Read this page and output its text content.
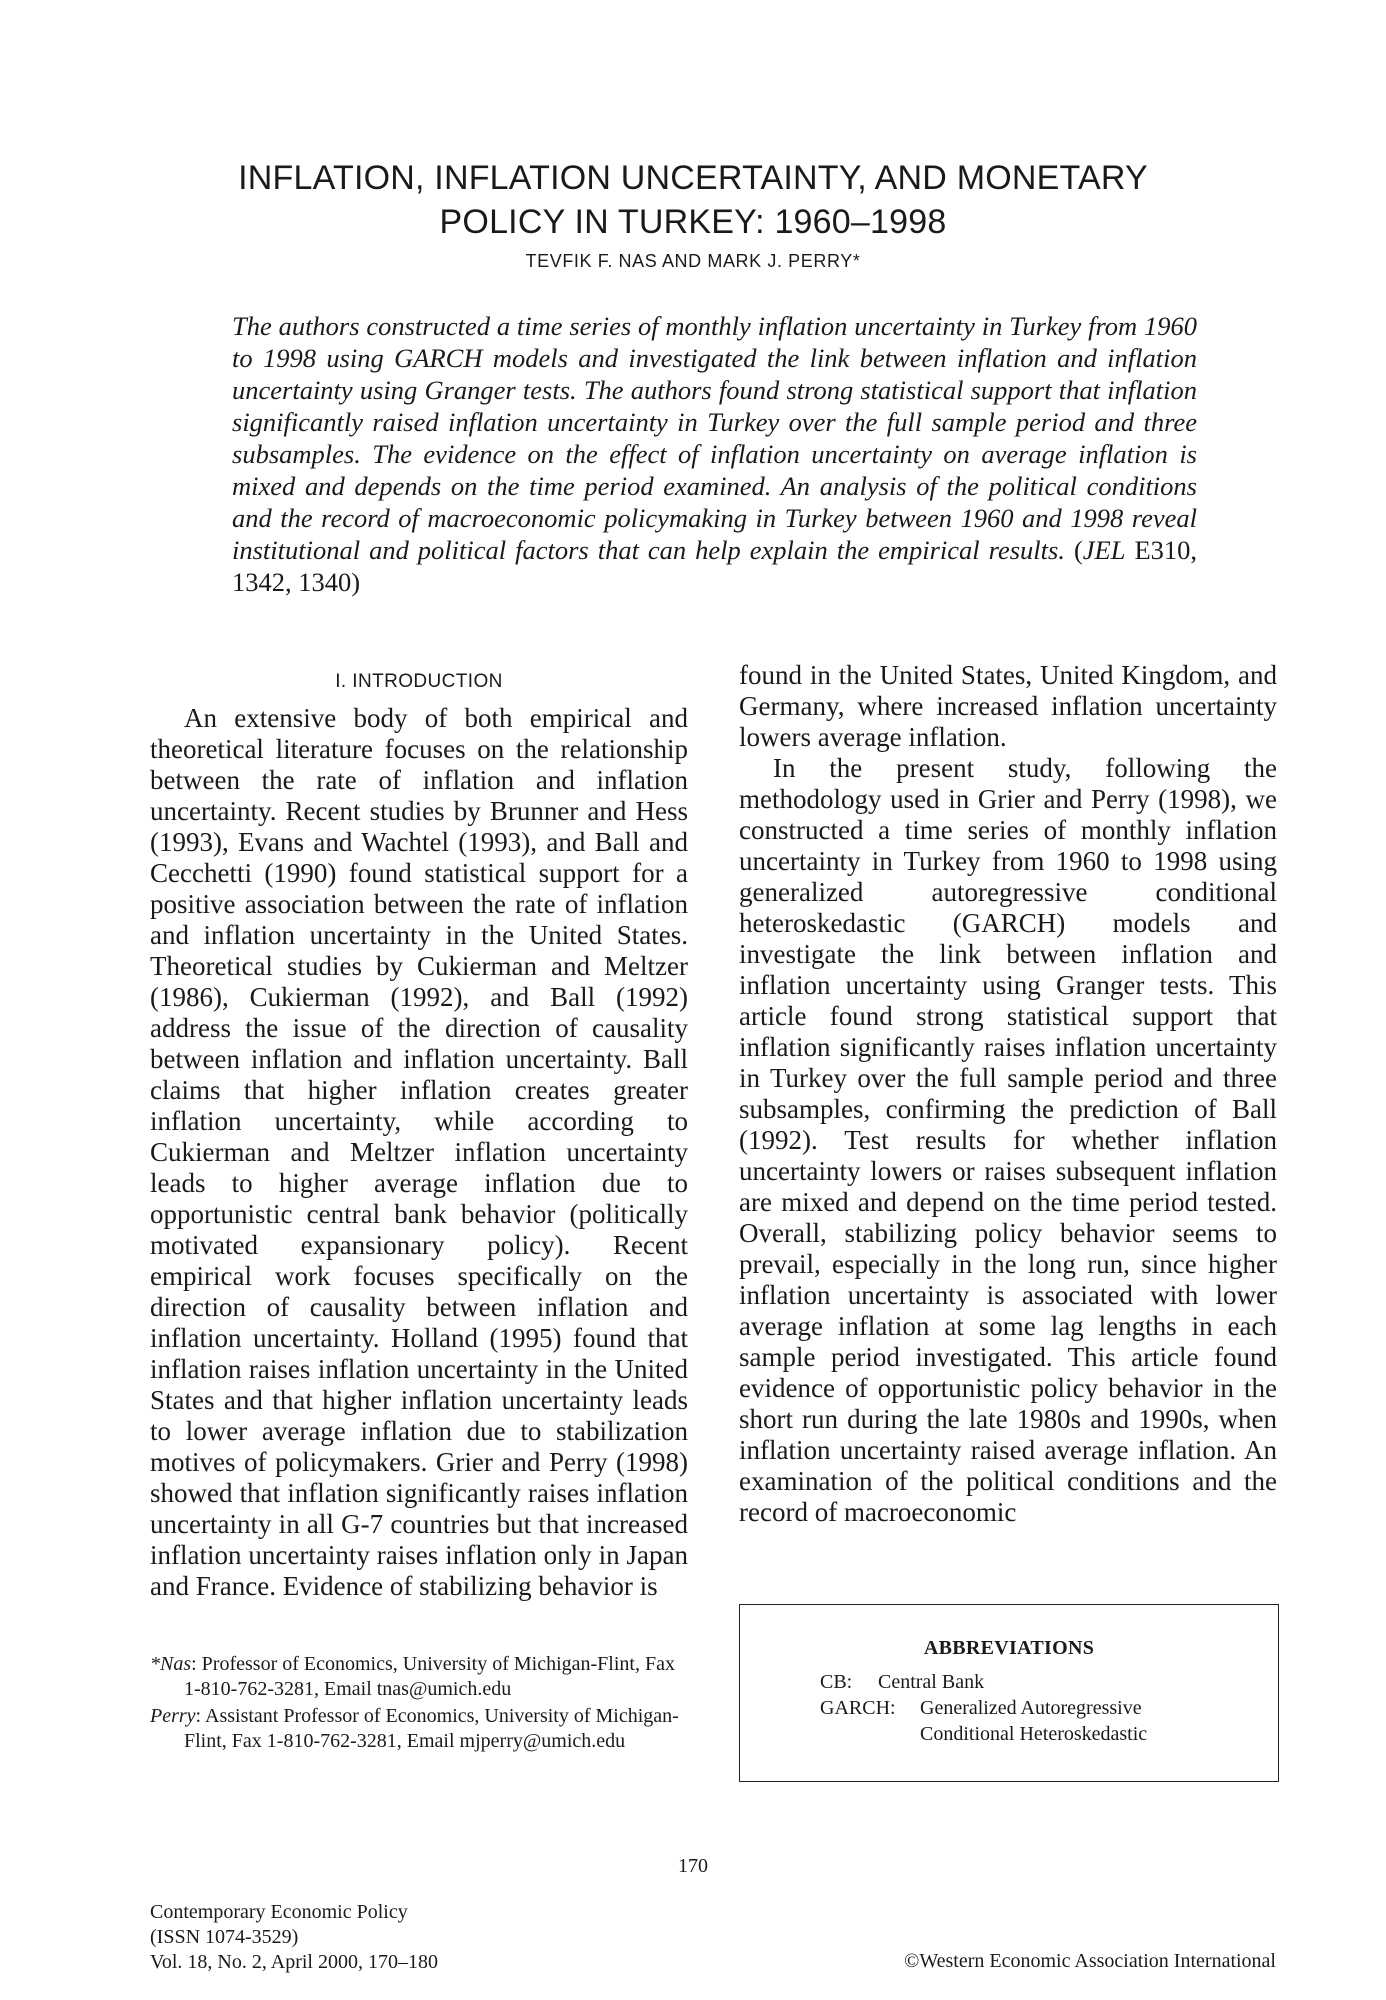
INFLATION, INFLATION UNCERTAINTY, AND MONETARY
POLICY IN TURKEY: 1960–1998
TEVFIK F. NAS AND MARK J. PERRY*
The authors constructed a time series of monthly inflation uncertainty in Turkey from 1960 to 1998 using GARCH models and investigated the link between inflation and inflation uncertainty using Granger tests. The authors found strong statistical support that inflation significantly raised inflation uncertainty in Turkey over the full sample period and three subsamples. The evidence on the effect of inflation uncertainty on average inflation is mixed and depends on the time period examined. An analysis of the political conditions and the record of macroeconomic policymaking in Turkey between 1960 and 1998 reveal institutional and political factors that can help explain the empirical results. (JEL E310, 1342, 1340)
I. INTRODUCTION

An extensive body of both empirical and theoretical literature focuses on the relationship between the rate of inflation and inflation uncertainty. Recent studies by Brunner and Hess (1993), Evans and Wachtel (1993), and Ball and Cecchetti (1990) found statistical support for a positive association between the rate of inflation and inflation uncertainty in the United States. Theoretical studies by Cukierman and Meltzer (1986), Cukierman (1992), and Ball (1992) address the issue of the direction of causality between inflation and inflation uncertainty. Ball claims that higher inflation creates greater inflation uncertainty, while according to Cukierman and Meltzer inflation uncertainty leads to higher average inflation due to opportunistic central bank behavior (politically motivated expansionary policy). Recent empirical work focuses specifically on the direction of causality between inflation and inflation uncertainty. Holland (1995) found that inflation raises inflation uncertainty in the United States and that higher inflation uncertainty leads to lower average inflation due to stabilization motives of policymakers. Grier and Perry (1998) showed that inflation significantly raises inflation uncertainty in all G-7 countries but that increased inflation uncertainty raises inflation only in Japan and France. Evidence of stabilizing behavior is

found in the United States, United Kingdom, and Germany, where increased inflation uncertainty lowers average inflation.

In the present study, following the methodology used in Grier and Perry (1998), we constructed a time series of monthly inflation uncertainty in Turkey from 1960 to 1998 using generalized autoregressive conditional heteroskedastic (GARCH) models and investigate the link between inflation and inflation uncertainty using Granger tests. This article found strong statistical support that inflation significantly raises inflation uncertainty in Turkey over the full sample period and three subsamples, confirming the prediction of Ball (1992). Test results for whether inflation uncertainty lowers or raises subsequent inflation are mixed and depend on the time period tested. Overall, stabilizing policy behavior seems to prevail, especially in the long run, since higher inflation uncertainty is associated with lower average inflation at some lag lengths in each sample period investigated. This article found evidence of opportunistic policy behavior in the short run during the late 1980s and 1990s, when inflation uncertainty raised average inflation. An examination of the political conditions and the record of macroeconomic

*Nas: Professor of Economics, University of Michigan-Flint, Fax 1-810-762-3281, Email tnas@umich.edu

Perry: Assistant Professor of Economics, University of Michigan-Flint, Fax 1-810-762-3281, Email mjperry@umich.edu

ABBREVIATIONS
CB:	Central Bank
GARCH:	Generalized Autoregressive
Conditional Heteroskedastic
170
Contemporary Economic Policy
(ISSN 1074-3529)
Vol. 18, No. 2, April 2000, 170–180	©Western Economic Association International
